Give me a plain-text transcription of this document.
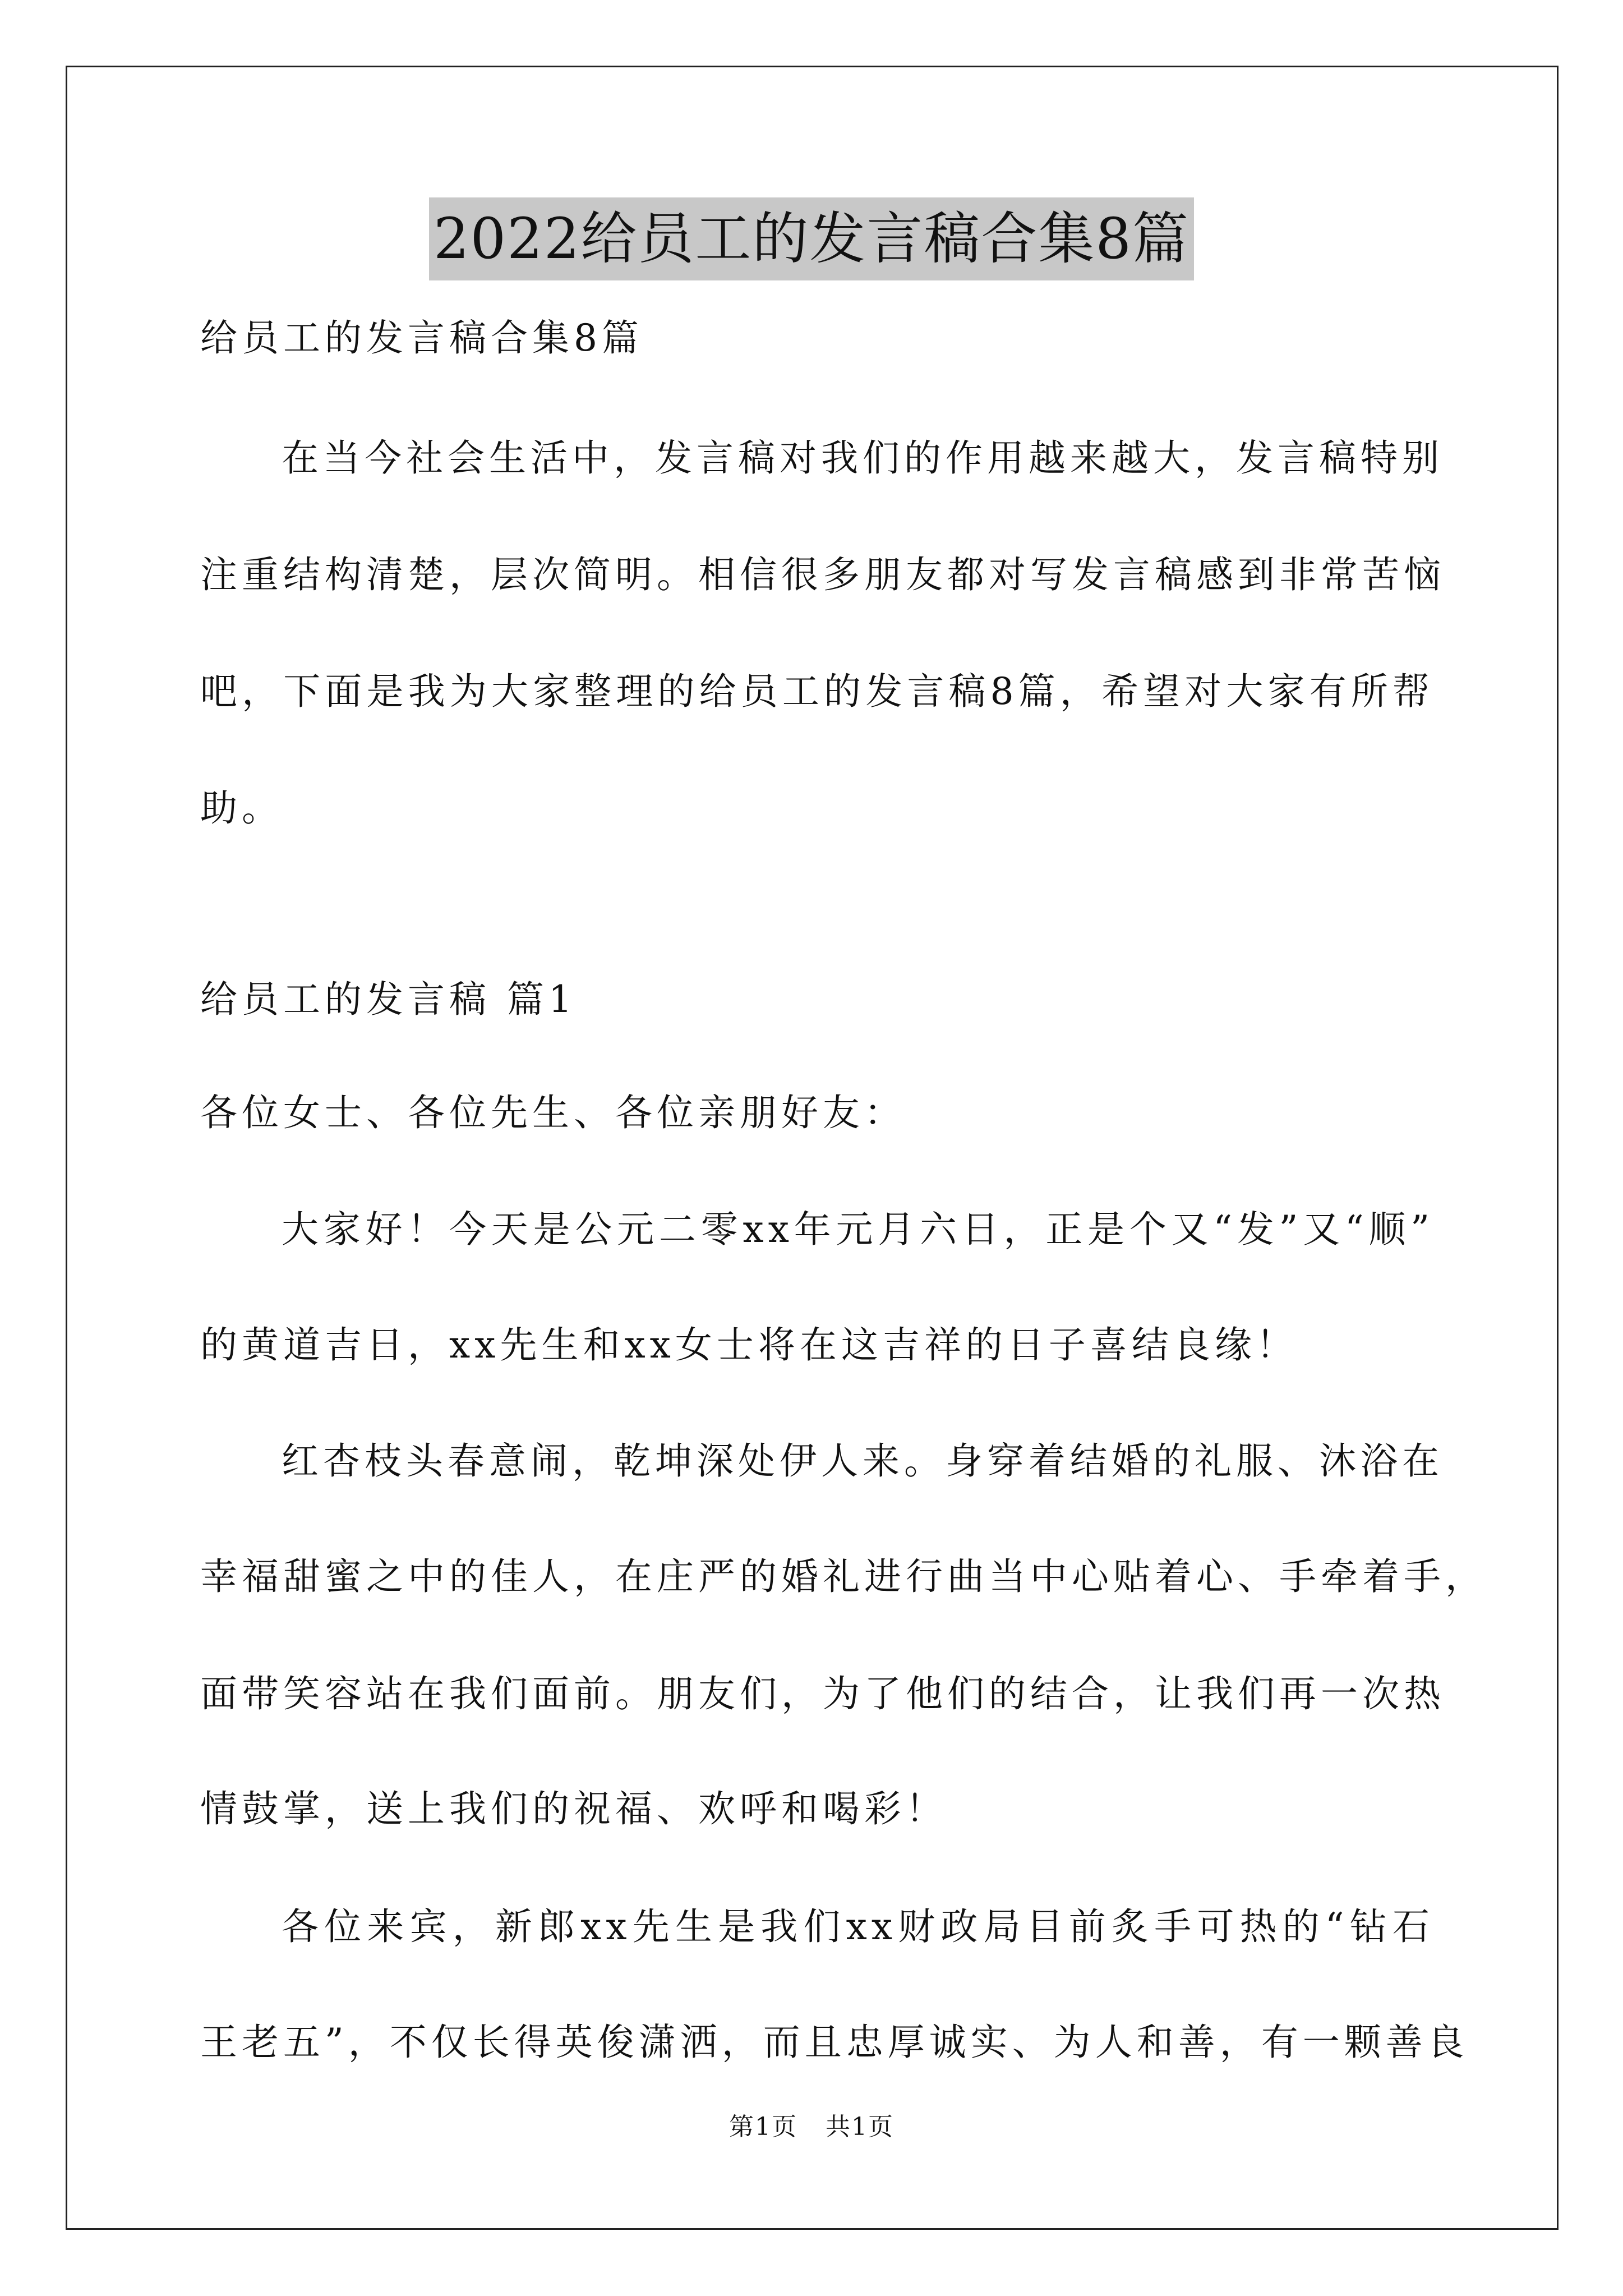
2022给员工的发言稿合集8篇
给员工的发言稿合集8篇
在当今社会生活中，发言稿对我们的作用越来越大，发言稿特别
注重结构清楚，层次简明。相信很多朋友都对写发言稿感到非常苦恼
吧，下面是我为大家整理的给员工的发言稿8篇，希望对大家有所帮
助。
给员工的发言稿 篇1
各位女士、各位先生、各位亲朋好友：
大家好！今天是公元二零xx年元月六日，正是个又“发”又“顺”
的黄道吉日，xx先生和xx女士将在这吉祥的日子喜结良缘！
红杏枝头春意闹，乾坤深处伊人来。身穿着结婚的礼服、沐浴在
幸福甜蜜之中的佳人，在庄严的婚礼进行曲当中心贴着心、手牵着手，
面带笑容站在我们面前。朋友们，为了他们的结合，让我们再一次热
情鼓掌，送上我们的祝福、欢呼和喝彩！
各位来宾，新郎xx先生是我们xx财政局目前炙手可热的“钻石
王老五”，不仅长得英俊潇洒，而且忠厚诚实、为人和善，有一颗善良
第1页 共1页
